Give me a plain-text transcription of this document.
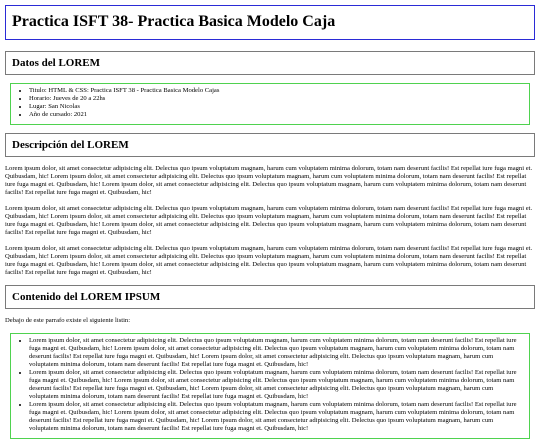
Practica ISFT 38- Practica Basica Modelo Caja
Datos del LOREM
• Titulo: HTML & CSS: Practica ISFT 38 - Practica Basica Modelo Cajas
• Horario: Jueves de 20 a 22hs
• Lugar: San Nicolas
• Año de cursado: 2021
Descripción del LOREM

Lorem ipsum dolor, sit amet consectetur adipisicing elit. Delectus quo ipsum voluptatum magnam, harum cum voluptatem minima dolorum, totam nam deserunt facilis! Est repellat iure fuga magni et. Quibusdam, hic! Lorem ipsum dolor, sit amet consectetur adipisicing elit. Delectus quo ipsum voluptatum magnam, harum cum voluptatem minima dolorum, totam nam deserunt facilis! Est repellat iure fuga magni et. Quibusdam, hic! Lorem ipsum dolor, sit amet consectetur adipisicing elit. Delectus quo ipsum voluptatum magnam, harum cum voluptatem minima dolorum, totam nam deserunt facilis! Est repellat iure fuga magni et. Quibusdam, hic!

Lorem ipsum dolor, sit amet consectetur adipisicing elit. Delectus quo ipsum voluptatum magnam, harum cum voluptatem minima dolorum, totam nam deserunt facilis! Est repellat iure fuga magni et. Quibusdam, hic! Lorem ipsum dolor, sit amet consectetur adipisicing elit. Delectus quo ipsum voluptatum magnam, harum cum voluptatem minima dolorum, totam nam deserunt facilis! Est repellat iure fuga magni et. Quibusdam, hic! Lorem ipsum dolor, sit amet consectetur adipisicing elit. Delectus quo ipsum voluptatum magnam, harum cum voluptatem minima dolorum, totam nam deserunt facilis! Est repellat iure fuga magni et. Quibusdam, hic!

Lorem ipsum dolor, sit amet consectetur adipisicing elit. Delectus quo ipsum voluptatum magnam, harum cum voluptatem minima dolorum, totam nam deserunt facilis! Est repellat iure fuga magni et. Quibusdam, hic! Lorem ipsum dolor, sit amet consectetur adipisicing elit. Delectus quo ipsum voluptatum magnam, harum cum voluptatem minima dolorum, totam nam deserunt facilis! Est repellat iure fuga magni et. Quibusdam, hic! Lorem ipsum dolor, sit amet consectetur adipisicing elit. Delectus quo ipsum voluptatum magnam, harum cum voluptatem minima dolorum, totam nam deserunt facilis! Est repellat iure fuga magni et. Quibusdam, hic!

Contenido del LOREM IPSUM

Debajo de este parrafo existe el siguiente listin:

• Lorem ipsum dolor, sit amet consectetur adipisicing elit. Delectus quo ipsum voluptatum magnam, harum cum voluptatem minima dolorum, totam nam deserunt facilis! Est repellat iure fuga magni et. Quibusdam, hic! Lorem ipsum dolor, sit amet consectetur adipisicing elit. Delectus quo ipsum voluptatum magnam, harum cum voluptatem minima dolorum, totam nam deserunt facilis! Est repellat iure fuga magni et. Quibusdam, hic! Lorem ipsum dolor, sit amet consectetur adipisicing elit. Delectus quo ipsum voluptatum magnam, harum cum voluptatem minima dolorum, totam nam deserunt facilis! Est repellat iure fuga magni et. Quibusdam, hic!
• Lorem ipsum dolor, sit amet consectetur adipisicing elit. Delectus quo ipsum voluptatum magnam, harum cum voluptatem minima dolorum, totam nam deserunt facilis! Est repellat iure fuga magni et. Quibusdam, hic! Lorem ipsum dolor, sit amet consectetur adipisicing elit. Delectus quo ipsum voluptatum magnam, harum cum voluptatem minima dolorum, totam nam deserunt facilis! Est repellat iure fuga magni et. Quibusdam, hic! Lorem ipsum dolor, sit amet consectetur adipisicing elit. Delectus quo ipsum voluptatum magnam, harum cum voluptatem minima dolorum, totam nam deserunt facilis! Est repellat iure fuga magni et. Quibusdam, hic!
• Lorem ipsum dolor, sit amet consectetur adipisicing elit. Delectus quo ipsum voluptatum magnam, harum cum voluptatem minima dolorum, totam nam deserunt facilis! Est repellat iure fuga magni et. Quibusdam, hic! Lorem ipsum dolor, sit amet consectetur adipisicing elit. Delectus quo ipsum voluptatum magnam, harum cum voluptatem minima dolorum, totam nam deserunt facilis! Est repellat iure fuga magni et. Quibusdam, hic! Lorem ipsum dolor, sit amet consectetur adipisicing elit. Delectus quo ipsum voluptatum magnam, harum cum voluptatem minima dolorum, totam nam deserunt facilis! Est repellat iure fuga magni et. Quibusdam, hic!
